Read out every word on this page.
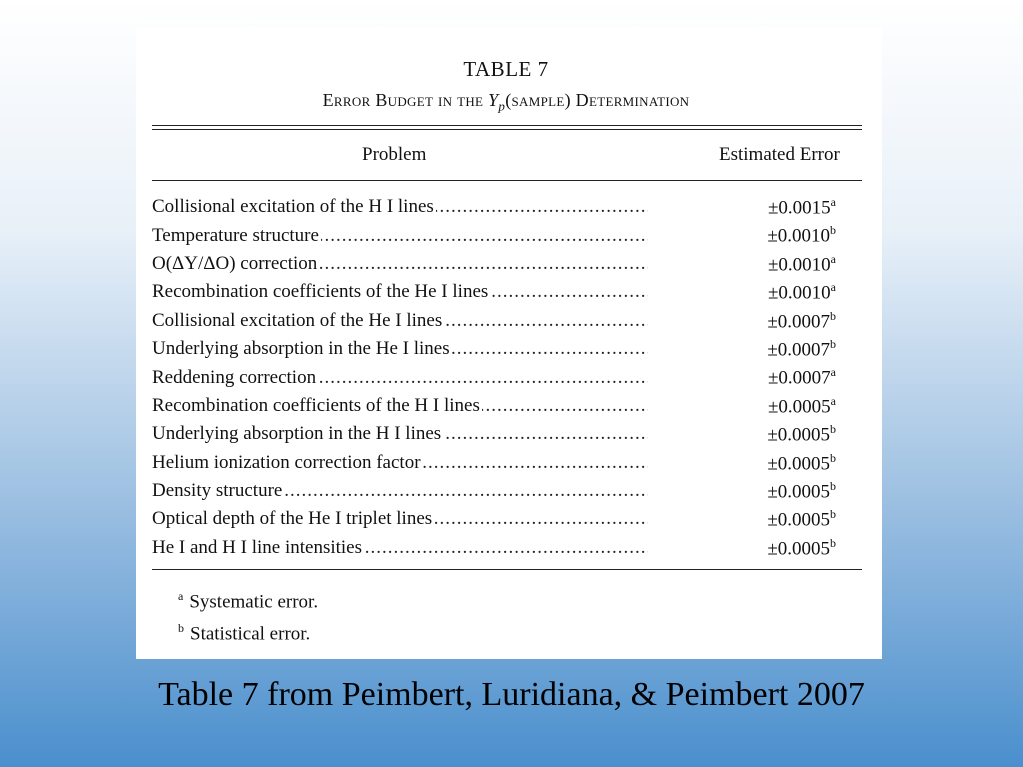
TABLE 7
Error Budget in the $Y_p(sample)$ Determination
Problem	Estimated Error
Collisional excitation of the H I lines .....	±0.0015$^a$
Temperature structure .....	±0.0010$^b$
O(ΔY/ΔO) correction .....	±0.0010$^a$
Recombination coefficients of the He I lines .....	±0.0010$^a$
Collisional excitation of the He I lines .....	±0.0007$^b$
Underlying absorption in the He I lines .....	±0.0007$^b$
Reddening correction .....	±0.0007$^a$
Recombination coefficients of the H I lines .....	±0.0005$^a$
Underlying absorption in the H I lines .....	±0.0005$^b$
Helium ionization correction factor .....	±0.0005$^b$
Density structure .....	±0.0005$^b$
Optical depth of the He I triplet lines .....	±0.0005$^b$
He I and H I line intensities .....	±0.0005$^b$
$^a$ Systematic error.
$^b$ Statistical error.
Table 7 from Peimbert, Luridiana, & Peimbert 2007
